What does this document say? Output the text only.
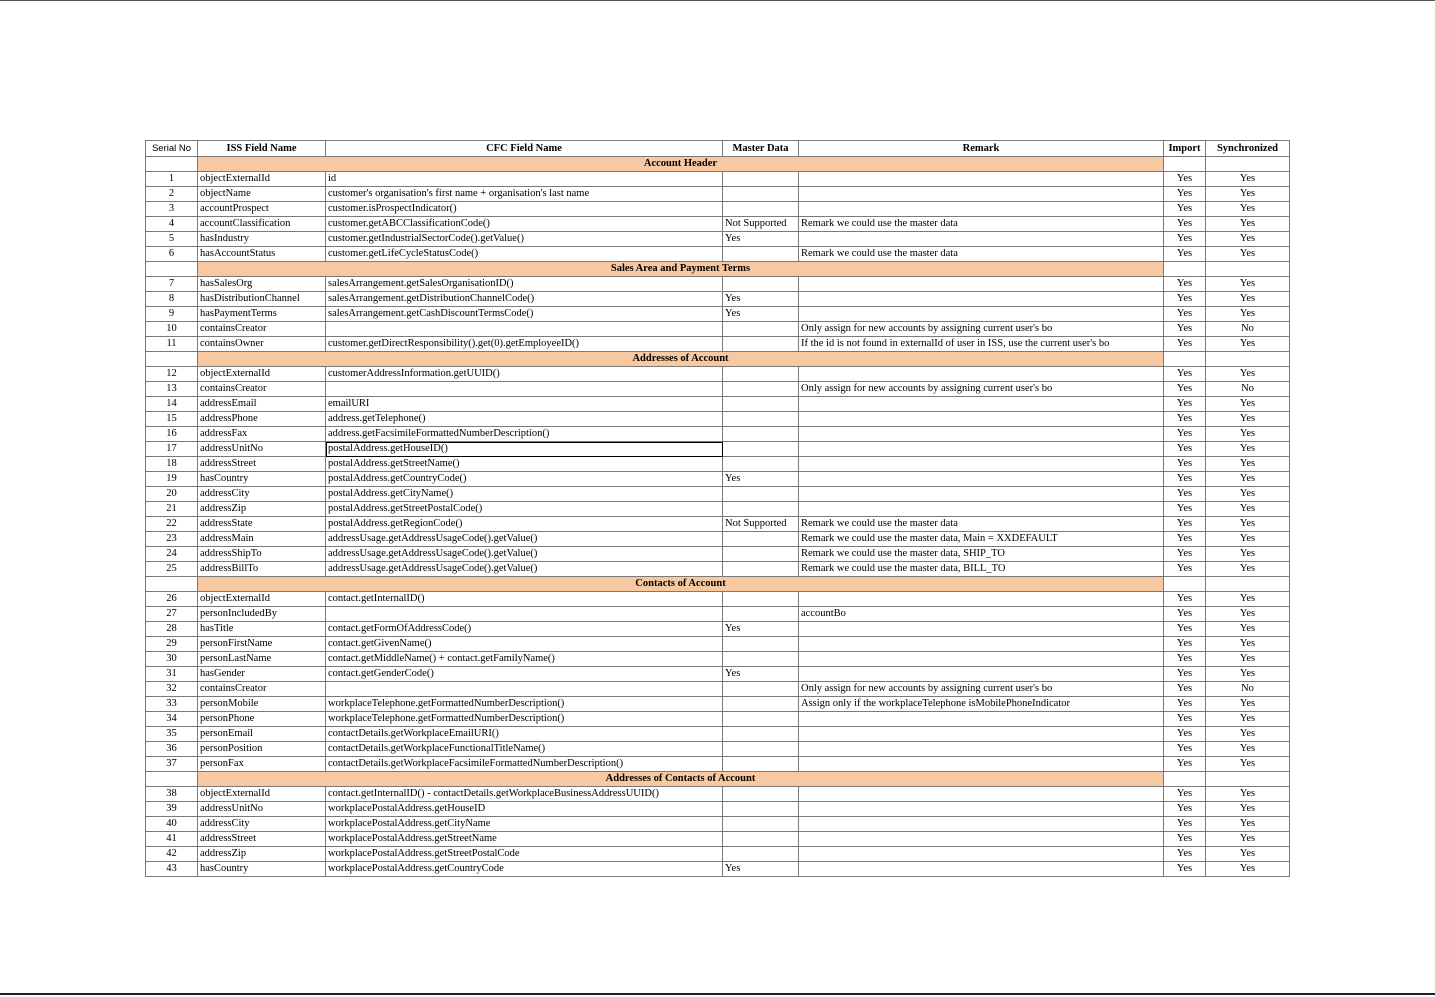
Serial No	ISS Field Name	CFC Field Name	Master Data	Remark	Import	Synchronized
	Account Header					
1	objectExternalId	id			Yes	Yes
2	objectName	customer's organisation's first name + organisation's last name			Yes	Yes
3	accountProspect	customer.isProspectIndicator()			Yes	Yes
4	accountClassification	customer.getABCClassificationCode()	Not Supported	Remark we could use the master data	Yes	Yes
5	hasIndustry	customer.getIndustrialSectorCode().getValue()	Yes		Yes	Yes
6	hasAccountStatus	customer.getLifeCycleStatusCode()		Remark we could use the master data	Yes	Yes
	Sales Area and Payment Terms					
7	hasSalesOrg	salesArrangement.getSalesOrganisationID()			Yes	Yes
8	hasDistributionChannel	salesArrangement.getDistributionChannelCode()	Yes		Yes	Yes
9	hasPaymentTerms	salesArrangement.getCashDiscountTermsCode()	Yes		Yes	Yes
10	containsCreator			Only assign for new accounts by assigning current user's bo	Yes	No
11	containsOwner	customer.getDirectResponsibility().get(0).getEmployeeID()		If the id is not found in externalId of user in ISS, use the current user's bo	Yes	Yes
	Addresses of Account					
12	objectExternalId	customerAddressInformation.getUUID()			Yes	Yes
13	containsCreator			Only assign for new accounts by assigning current user's bo	Yes	No
14	addressEmail	emailURI			Yes	Yes
15	addressPhone	address.getTelephone()			Yes	Yes
16	addressFax	address.getFacsimileFormattedNumberDescription()			Yes	Yes
17	addressUnitNo	postalAddress.getHouseID()			Yes	Yes
18	addressStreet	postalAddress.getStreetName()			Yes	Yes
19	hasCountry	postalAddress.getCountryCode()	Yes		Yes	Yes
20	addressCity	postalAddress.getCityName()			Yes	Yes
21	addressZip	postalAddress.getStreetPostalCode()			Yes	Yes
22	addressState	postalAddress.getRegionCode()	Not Supported	Remark we could use the master data	Yes	Yes
23	addressMain	addressUsage.getAddressUsageCode().getValue()		Remark we could use the master data, Main = XXDEFAULT	Yes	Yes
24	addressShipTo	addressUsage.getAddressUsageCode().getValue()		Remark we could use the master data, SHIP_TO	Yes	Yes
25	addressBillTo	addressUsage.getAddressUsageCode().getValue()		Remark we could use the master data, BILL_TO	Yes	Yes
	Contacts of Account					
26	objectExternalId	contact.getInternalID()			Yes	Yes
27	personIncludedBy			accountBo	Yes	Yes
28	hasTitle	contact.getFormOfAddressCode()	Yes		Yes	Yes
29	personFirstName	contact.getGivenName()			Yes	Yes
30	personLastName	contact.getMiddleName() + contact.getFamilyName()			Yes	Yes
31	hasGender	contact.getGenderCode()	Yes		Yes	Yes
32	containsCreator			Only assign for new accounts by assigning current user's bo	Yes	No
33	personMobile	workplaceTelephone.getFormattedNumberDescription()		Assign only if the workplaceTelephone isMobilePhoneIndicator	Yes	Yes
34	personPhone	workplaceTelephone.getFormattedNumberDescription()			Yes	Yes
35	personEmail	contactDetails.getWorkplaceEmailURI()			Yes	Yes
36	personPosition	contactDetails.getWorkplaceFunctionalTitleName()			Yes	Yes
37	personFax	contactDetails.getWorkplaceFacsimileFormattedNumberDescription()			Yes	Yes
	Addresses of Contacts of Account					
38	objectExternalId	contact.getInternalID() - contactDetails.getWorkplaceBusinessAddressUUID()			Yes	Yes
39	addressUnitNo	workplacePostalAddress.getHouseID			Yes	Yes
40	addressCity	workplacePostalAddress.getCityName			Yes	Yes
41	addressStreet	workplacePostalAddress.getStreetName			Yes	Yes
42	addressZip	workplacePostalAddress.getStreetPostalCode			Yes	Yes
43	hasCountry	workplacePostalAddress.getCountryCode	Yes		Yes	Yes
